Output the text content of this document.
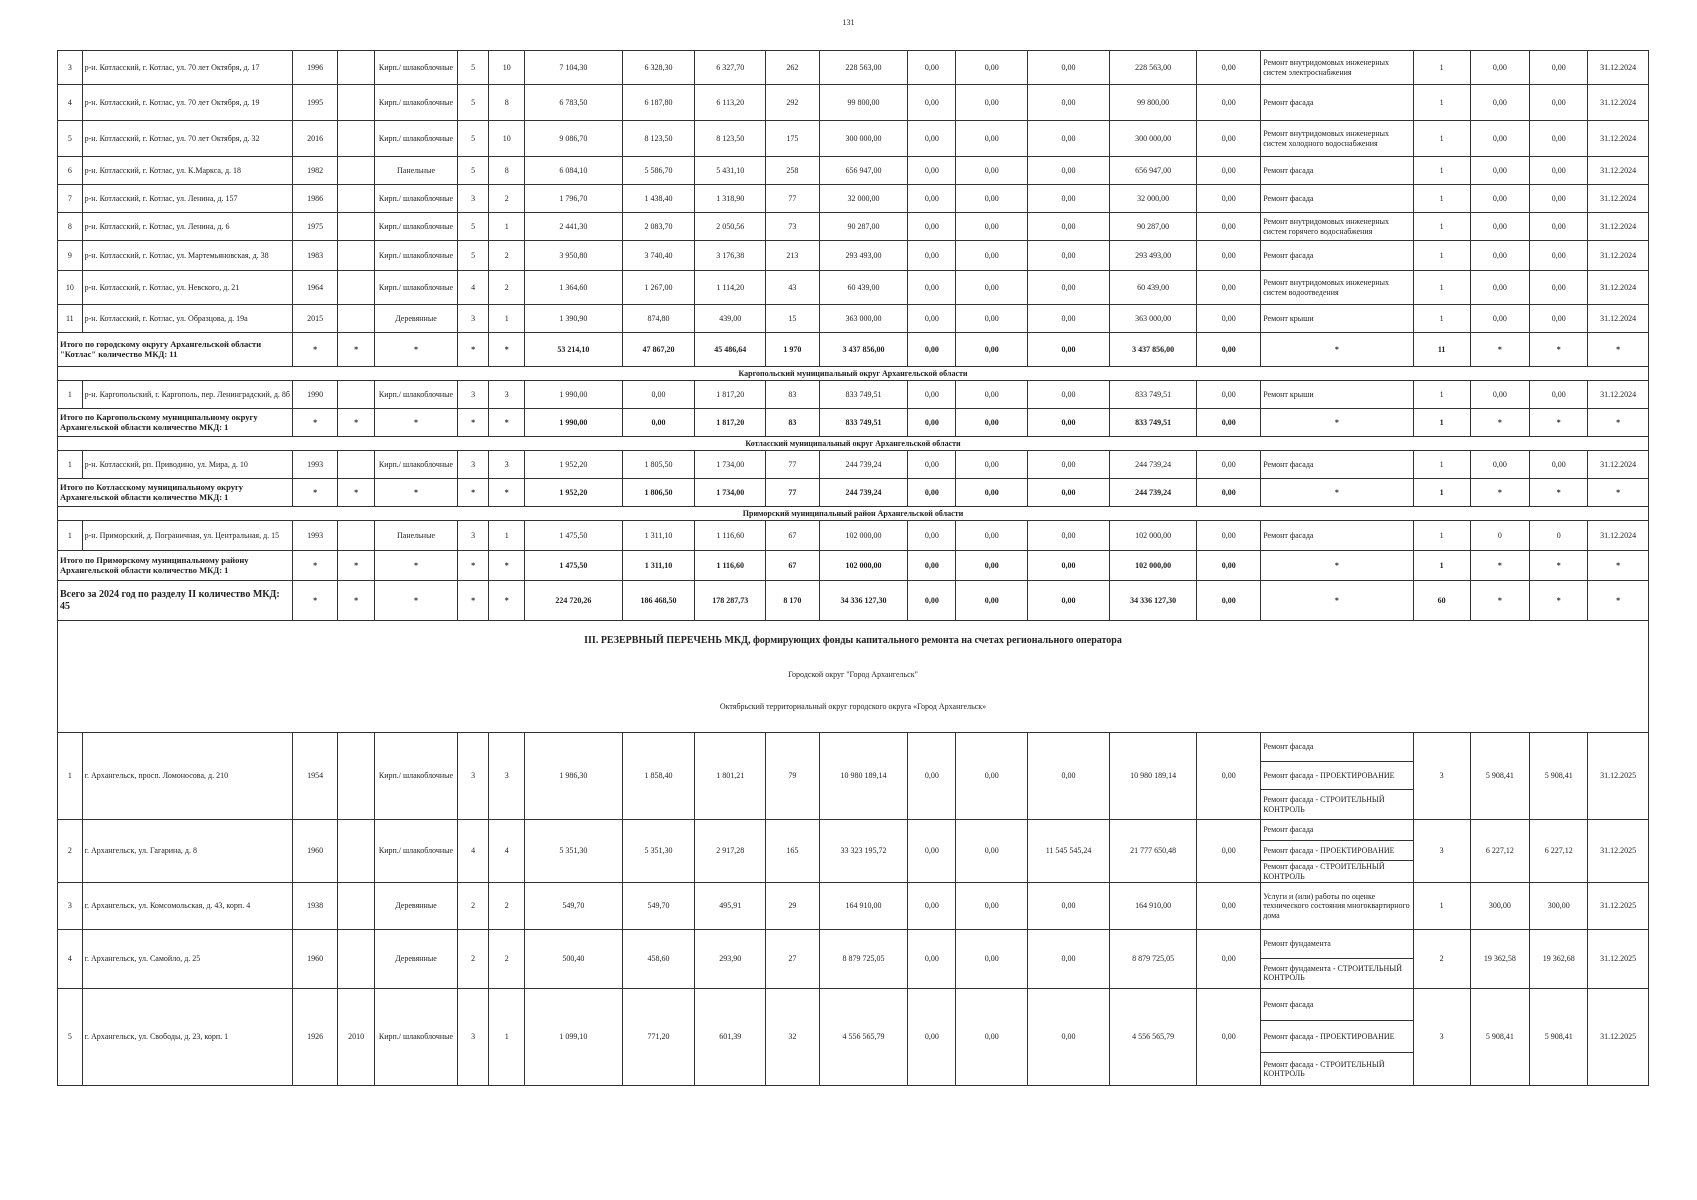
131
3	р-н. Котласский, г. Котлас, ул. 70 лет Октября, д. 17	1996		Кирп./ шлакоблочные	5	10	7 104,30	6 328,30	6 327,70	262	228 563,00	0,00	0,00	0,00	228 563,00	0,00	Ремонт внутридомовых инженерных систем электроснабжения	1	0,00	0,00	31.12.2024
4	р-н. Котласский, г. Котлас, ул. 70 лет Октября, д. 19	1995		Кирп./ шлакоблочные	5	8	6 783,50	6 187,80	6 113,20	292	99 800,00	0,00	0,00	0,00	99 800,00	0,00	Ремонт фасада	1	0,00	0,00	31.12.2024
5	р-н. Котласский, г. Котлас, ул. 70 лет Октября, д. 32	2016		Кирп./ шлакоблочные	5	10	9 086,70	8 123,50	8 123,50	175	300 000,00	0,00	0,00	0,00	300 000,00	0,00	Ремонт внутридомовых инженерных систем холодного водоснабжения	1	0,00	0,00	31.12.2024
6	р-н. Котласский, г. Котлас, ул. К.Маркса, д. 18	1982		Панельные	5	8	6 084,10	5 586,70	5 431,10	258	656 947,00	0,00	0,00	0,00	656 947,00	0,00	Ремонт фасада	1	0,00	0,00	31.12.2024
7	р-н. Котласский, г. Котлас, ул. Ленина, д. 157	1986		Кирп./ шлакоблочные	3	2	1 796,70	1 438,40	1 318,90	77	32 000,00	0,00	0,00	0,00	32 000,00	0,00	Ремонт фасада	1	0,00	0,00	31.12.2024
8	р-н. Котласский, г. Котлас, ул. Ленина, д. 6	1975		Кирп./ шлакоблочные	5	1	2 441,30	2 083,70	2 050,56	73	90 287,00	0,00	0,00	0,00	90 287,00	0,00	Ремонт внутридомовых инженерных систем горячего водоснабжения	1	0,00	0,00	31.12.2024
9	р-н. Котласский, г. Котлас, ул. Мартемьяновская, д. 38	1983		Кирп./ шлакоблочные	5	2	3 950,80	3 740,40	3 176,38	213	293 493,00	0,00	0,00	0,00	293 493,00	0,00	Ремонт фасада	1	0,00	0,00	31.12.2024
10	р-н. Котласский, г. Котлас, ул. Невского, д. 21	1964		Кирп./ шлакоблочные	4	2	1 364,60	1 267,00	1 114,20	43	60 439,00	0,00	0,00	0,00	60 439,00	0,00	Ремонт внутридомовых инженерных систем водоотведения	1	0,00	0,00	31.12.2024
11	р-н. Котласский, г. Котлас, ул. Образцова, д. 19а	2015		Деревянные	3	1	1 390,90	874,80	439,00	15	363 000,00	0,00	0,00	0,00	363 000,00	0,00	Ремонт крыши	1	0,00	0,00	31.12.2024
Итого по городскому округу Архангельской области "Котлас" количество МКД: 11		*	*	*	*	*	53 214,10	47 867,20	45 486,64	1 970	3 437 856,00	0,00	0,00	0,00	3 437 856,00	0,00	*	11	*	*	*
Каргопольский муниципальный округ Архангельской области																					
1	р-н. Каргопольский, г. Каргополь, пер. Ленинградский, д. 8б	1990		Кирп./ шлакоблочные	3	3	1 990,00	0,00	1 817,20	83	833 749,51	0,00	0,00	0,00	833 749,51	0,00	Ремонт крыши	1	0,00	0,00	31.12.2024
Итого по Каргопольскому муниципальному округу Архангельской области количество МКД: 1		*	*	*	*	*	1 990,00	0,00	1 817,20	83	833 749,51	0,00	0,00	0,00	833 749,51	0,00	*	1	*	*	*
Котласский муниципальный округ Архангельской области																					
1	р-н. Котласский, рп. Приводино, ул. Мира, д. 10	1993		Кирп./ шлакоблочные	3	3	1 952,20	1 805,50	1 734,00	77	244 739,24	0,00	0,00	0,00	244 739,24	0,00	Ремонт фасада	1	0,00	0,00	31.12.2024
Итого по Котласскому муниципальному округу Архангельской области количество МКД: 1		*	*	*	*	*	1 952,20	1 806,50	1 734,00	77	244 739,24	0,00	0,00	0,00	244 739,24	0,00	*	1	*	*	*
Приморский муниципальный район Архангельской области																					
1	р-н. Приморский, д. Пограничная, ул. Центральная, д. 15	1993		Панельные	3	1	1 475,50	1 311,10	1 116,60	67	102 000,00	0,00	0,00	0,00	102 000,00	0,00	Ремонт фасада	1	0	0	31.12.2024
Итого по Приморскому муниципальному району Архангельской области количество МКД: 1		*	*	*	*	*	1 475,50	1 311,10	1 116,60	67	102 000,00	0,00	0,00	0,00	102 000,00	0,00	*	1	*	*	*
Всего за 2024 год по разделу II количество МКД: 45		*	*	*	*	*	224 720,26	186 468,50	178 287,73	8 170	34 336 127,30	0,00	0,00	0,00	34 336 127,30	0,00	*	60	*	*	*

III. РЕЗЕРВНЫЙ ПЕРЕЧЕНЬ МКД, формирующих фонды капитального ремонта на счетах регионального оператора
Городской округ "Город Архангельск"
Октябрьский территориальный округ городского округа «Город Архангельск»																					

1	г. Архангельск, просп. Ломоносова, д. 210	1954		Кирп./ шлакоблочные	3	3	1 986,30	1 858,40	1 801,21	79	10 980 189,14	0,00	0,00	0,00	10 980 189,14	0,00	Ремонт фасада
Ремонт фасада - ПРОЕКТИРОВАНИЕ
Ремонт фасада - СТРОИТЕЛЬНЫЙ КОНТРОЛЬ	3	5 908,41	5 908,41	31.12.2025
2	г. Архангельск, ул. Гагарина, д. 8	1960		Кирп./ шлакоблочные	4	4	5 351,30	5 351,30	2 917,28	165	33 323 195,72	0,00	0,00	11 545 545,24	21 777 650,48	0,00	Ремонт фасада
Ремонт фасада - ПРОЕКТИРОВАНИЕ
Ремонт фасада - СТРОИТЕЛЬНЫЙ КОНТРОЛЬ	3	6 227,12	6 227,12	31.12.2025
3	г. Архангельск, ул. Комсомольская, д. 43, корп. 4	1938		Деревянные	2	2	549,70	549,70	495,91	29	164 910,00	0,00	0,00	0,00	164 910,00	0,00	Услуги и (или) работы по оценке технического состояния многоквартирного дома	1	300,00	300,00	31.12.2025
4	г. Архангельск, ул. Самойло, д. 25	1960		Деревянные	2	2	500,40	458,60	293,90	27	8 879 725,05	0,00	0,00	0,00	8 879 725,05	0,00	Ремонт фундамента
Ремонт фундамента - СТРОИТЕЛЬНЫЙ КОНТРОЛЬ	2	19 362,58	19 362,68	31.12.2025
5	г. Архангельск, ул. Свободы, д. 23, корп. 1	1926	2010	Кирп./ шлакоблочные	3	1	1 099,10	771,20	601,39	32	4 556 565,79	0,00	0,00	0,00	4 556 565,79	0,00	Ремонт фасада
Ремонт фасада - ПРОЕКТИРОВАНИЕ
Ремонт фасада - СТРОИТЕЛЬНЫЙ КОНТРОЛЬ	3	5 908,41	5 908,41	31.12.2025
